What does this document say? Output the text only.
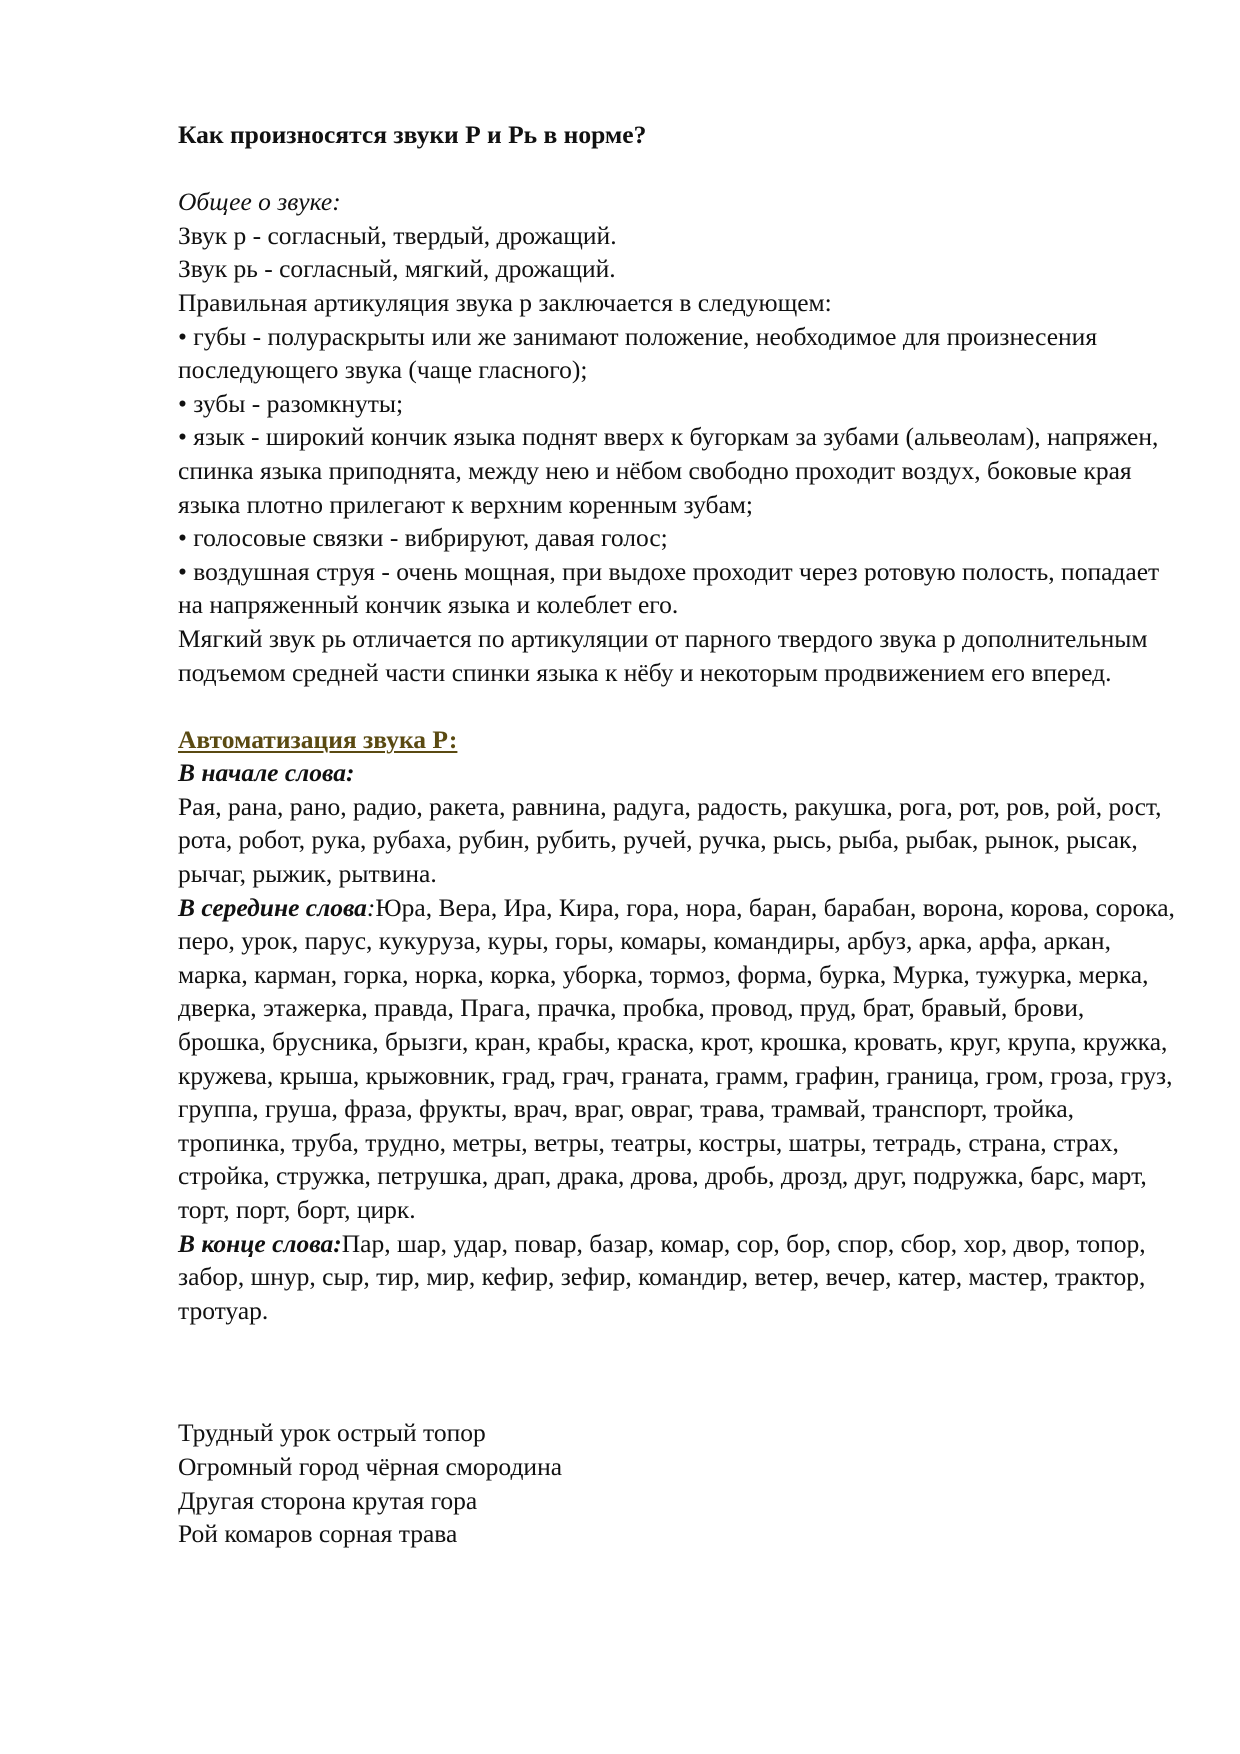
Как произносятся звуки Р и Рь в норме?

Общее о звуке:

Звук р - согласный, твердый, дрожащий.

Звук рь - согласный, мягкий, дрожащий.

Правильная артикуляция звука р заключается в следующем:

• губы - полураскрыты или же занимают положение, необходимое для произнесения последующего звука (чаще гласного);

• зубы - разомкнуты;

• язык - широкий кончик языка поднят вверх к бугоркам за зубами (альвеолам), напряжен, спинка языка приподнята, между нею и нёбом свободно проходит воздух, боковые края языка плотно прилегают к верхним коренным зубам;

• голосовые связки - вибрируют, давая голос;

• воздушная струя - очень мощная, при выдохе проходит через ротовую полость, попадает на напряженный кончик языка и колеблет его.

Мягкий звук рь отличается по артикуляции от парного твердого звука р дополнительным подъемом средней части спинки языка к нёбу и некоторым продвижением его вперед.

Автоматизация звука Р:

В начале слова:

Рая, рана, рано, радио, ракета, равнина, радуга, радость, ракушка, рога, рот, ров, рой, рост, рота, робот, рука, рубаха, рубин, рубить, ручей, ручка, рысь, рыба, рыбак, рынок, рысак, рычаг, рыжик, рытвина.

В середине слова:Юра, Вера, Ира, Кира, гора, нора, баран, барабан, ворона, корова, сорока, перо, урок, парус, кукуруза, куры, горы, комары, командиры, арбуз, арка, арфа, аркан, марка, карман, горка, норка, корка, уборка, тормоз, форма, бурка, Мурка, тужурка, мерка, дверка, этажерка, правда, Прага, прачка, пробка, провод, пруд, брат, бравый, брови, брошка, брусника, брызги, кран, крабы, краска, крот, крошка, кровать, круг, крупа, кружка, кружева, крыша, крыжовник, град, грач, граната, грамм, графин, граница, гром, гроза, груз, группа, груша, фраза, фрукты, врач, враг, овраг, трава, трамвай, транспорт, тройка, тропинка, труба, трудно, метры, ветры, театры, костры, шатры, тетрадь, страна, страх, стройка, стружка, петрушка, драп, драка, дрова, дробь, дрозд, друг, подружка, барс, март, торт, порт, борт, цирк.

В конце слова:Пар, шар, удар, повар, базар, комар, сор, бор, спор, сбор, хор, двор, топор, забор, шнур, сыр, тир, мир, кефир, зефир, командир, ветер, вечер, катер, мастер, трактор, тротуар.

Трудный урок острый топор

Огромный город чёрная смородина

Другая сторона крутая гора

Рой комаров сорная трава
